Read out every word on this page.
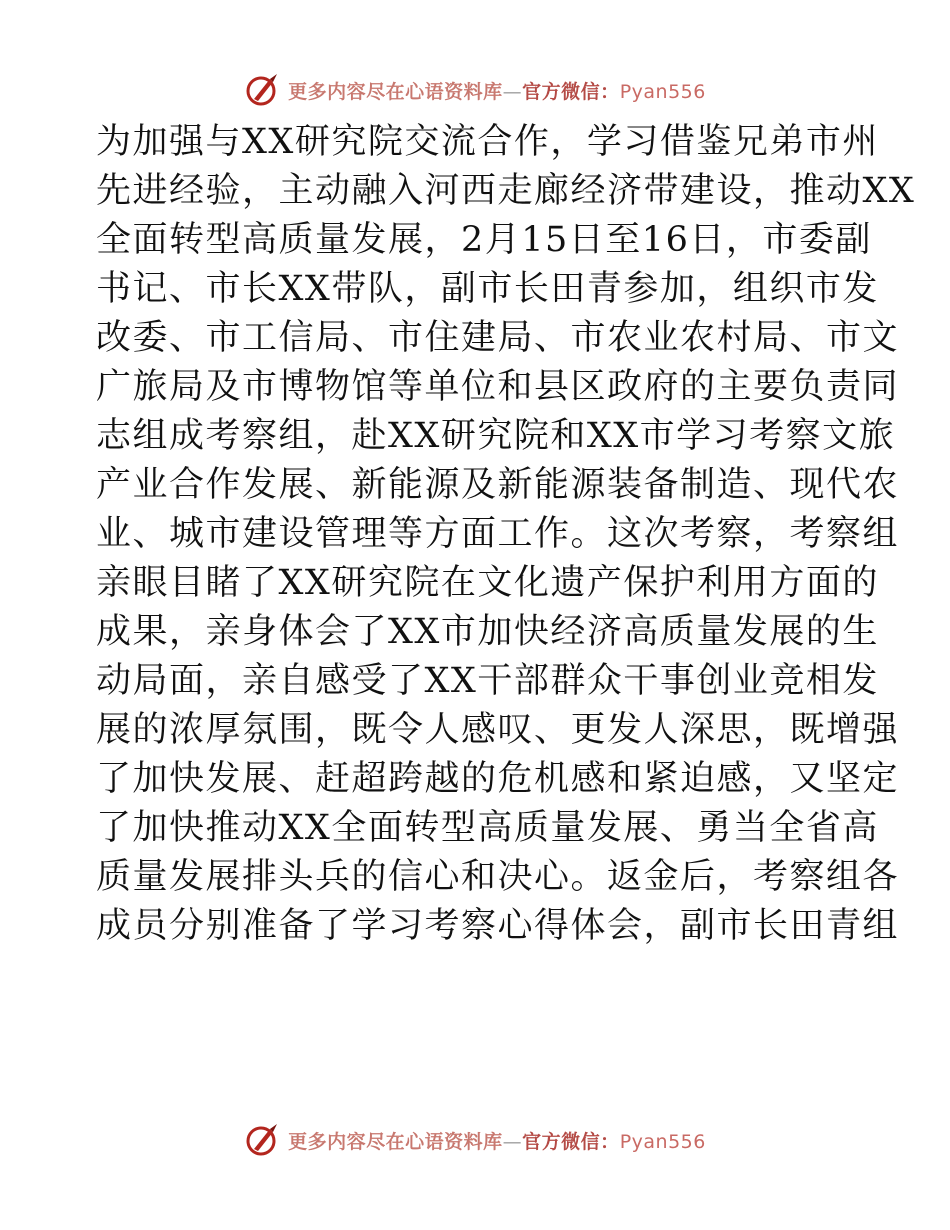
更多内容尽在心语资料库—官方微信：Pyan556
为加强与XX研究院交流合作，学习借鉴兄弟市州
先进经验，主动融入河西走廊经济带建设，推动XX
全面转型高质量发展，2月15日至16日，市委副
书记、市长XX带队，副市长田青参加，组织市发
改委、市工信局、市住建局、市农业农村局、市文
广旅局及市博物馆等单位和县区政府的主要负责同
志组成考察组，赴XX研究院和XX市学习考察文旅
产业合作发展、新能源及新能源装备制造、现代农
业、城市建设管理等方面工作。这次考察，考察组
亲眼目睹了XX研究院在文化遗产保护利用方面的
成果，亲身体会了XX市加快经济高质量发展的生
动局面，亲自感受了XX干部群众干事创业竞相发
展的浓厚氛围，既令人感叹、更发人深思，既增强
了加快发展、赶超跨越的危机感和紧迫感，又坚定
了加快推动XX全面转型高质量发展、勇当全省高
质量发展排头兵的信心和决心。返金后，考察组各
成员分别准备了学习考察心得体会，副市长田青组
更多内容尽在心语资料库—官方微信：Pyan556
